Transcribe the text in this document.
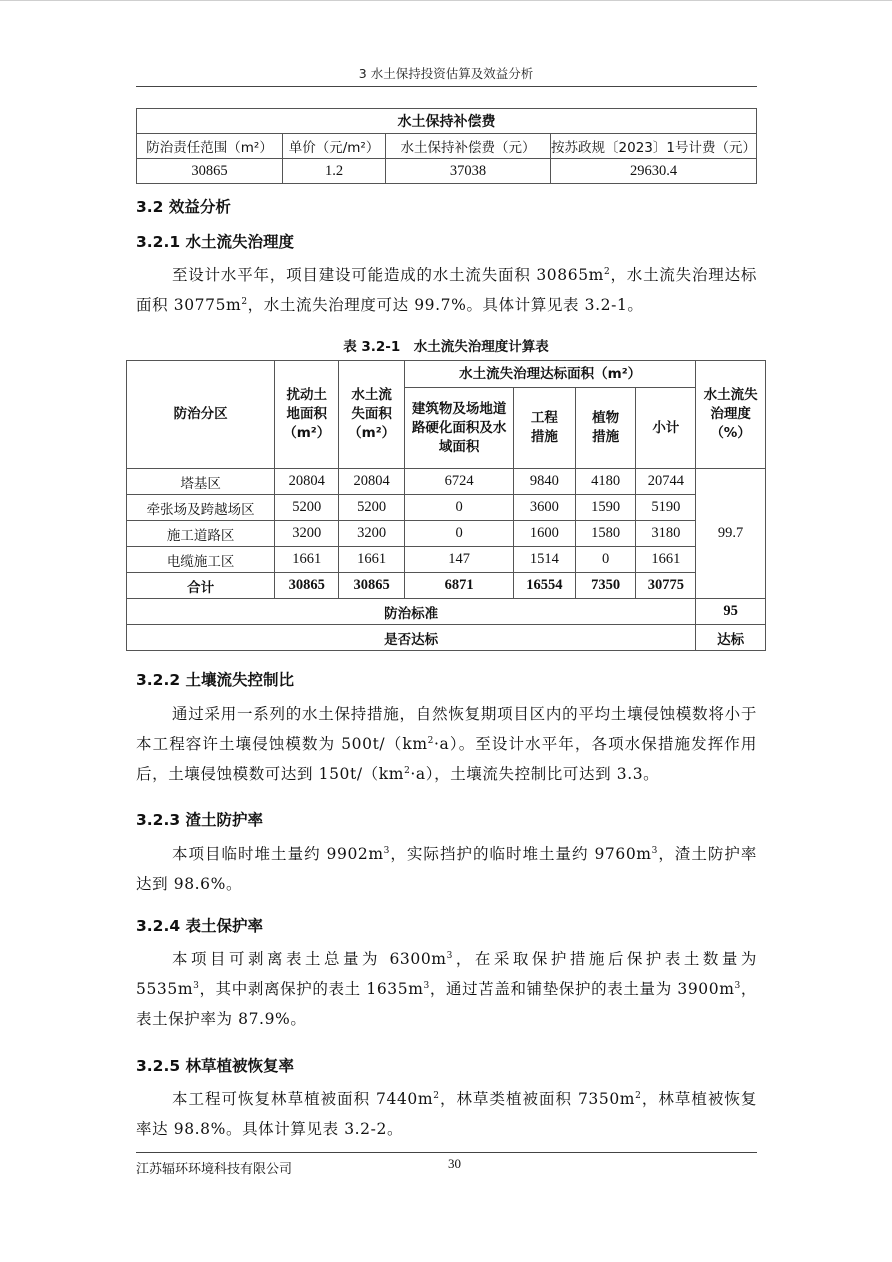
3 水土保持投资估算及效益分析
水土保持补偿费			
防治责任范围（m²）	单价（元/m²）	水土保持补偿费（元）	按苏政规〔2023〕1号计费（元）
30865	1.2	37038	29630.4
3.2 效益分析
3.2.1 水土流失治理度
至设计水平年，项目建设可能造成的水土流失面积 $30865m^2$，水土流失治理达标面积 $30775m^2$，水土流失治理度可达 99.7%。具体计算见表 3.2-1。
表 3.2-1　水土流失治理度计算表
防治分区	扰动土地面积（m²）	水土流失面积（m²）	水土流失治理达标面积（m²）				水土流失治理度（%）
			建筑物及场地道路硬化面积及水域面积	工程措施	植物措施	小计	
塔基区	20804	20804	6724	9840	4180	20744	99.7
牵张场及跨越场区	5200	5200	0	3600	1590	5190	
施工道路区	3200	3200	0	1600	1580	3180	
电缆施工区	1661	1661	147	1514	0	1661	
合计	30865	30865	6871	16554	7350	30775	
防治标准							95
是否达标							达标
3.2.2 土壤流失控制比
通过采用一系列的水土保持措施，自然恢复期项目区内的平均土壤侵蚀模数将小于本工程容许土壤侵蚀模数为 $500t/(km^2\cdot a)$。至设计水平年，各项水保措施发挥作用后，土壤侵蚀模数可达到 $150t/(km^2\cdot a)$，土壤流失控制比可达到 3.3。
3.2.3 渣土防护率
本项目临时堆土量约 $9902m^3$，实际挡护的临时堆土量约 $9760m^3$，渣土防护率达到 98.6%。
3.2.4 表土保护率
本项目可剥离表土总量为 $6300m^3$，在采取保护措施后保护表土数量为 $5535m^3$，其中剥离保护的表土 $1635m^3$，通过苫盖和铺垫保护的表土量为 $3900m^3$，表土保护率为 87.9%。
3.2.5 林草植被恢复率
本工程可恢复林草植被面积 $7440m^2$，林草类植被面积 $7350m^2$，林草植被恢复率达 98.8%。具体计算见表 3.2-2。
江苏辐环环境科技有限公司	30
